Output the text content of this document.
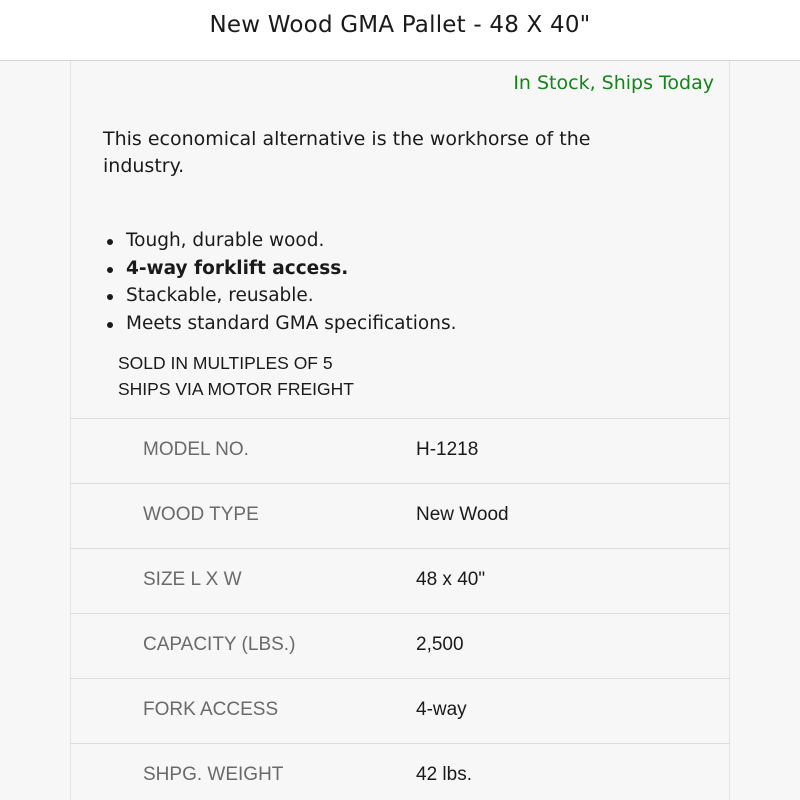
New Wood GMA Pallet - 48 X 40"
In Stock, Ships Today
This economical alternative is the workhorse of the industry.
Tough, durable wood.
4-way forklift access.
Stackable, reusable.
Meets standard GMA specifications.
SOLD IN MULTIPLES OF 5
SHIPS VIA MOTOR FREIGHT
MODEL NO.	H-1218
WOOD TYPE	New Wood
SIZE L X W	48 x 40"
CAPACITY (LBS.)	2,500
FORK ACCESS	4-way
SHPG. WEIGHT	42 lbs.
